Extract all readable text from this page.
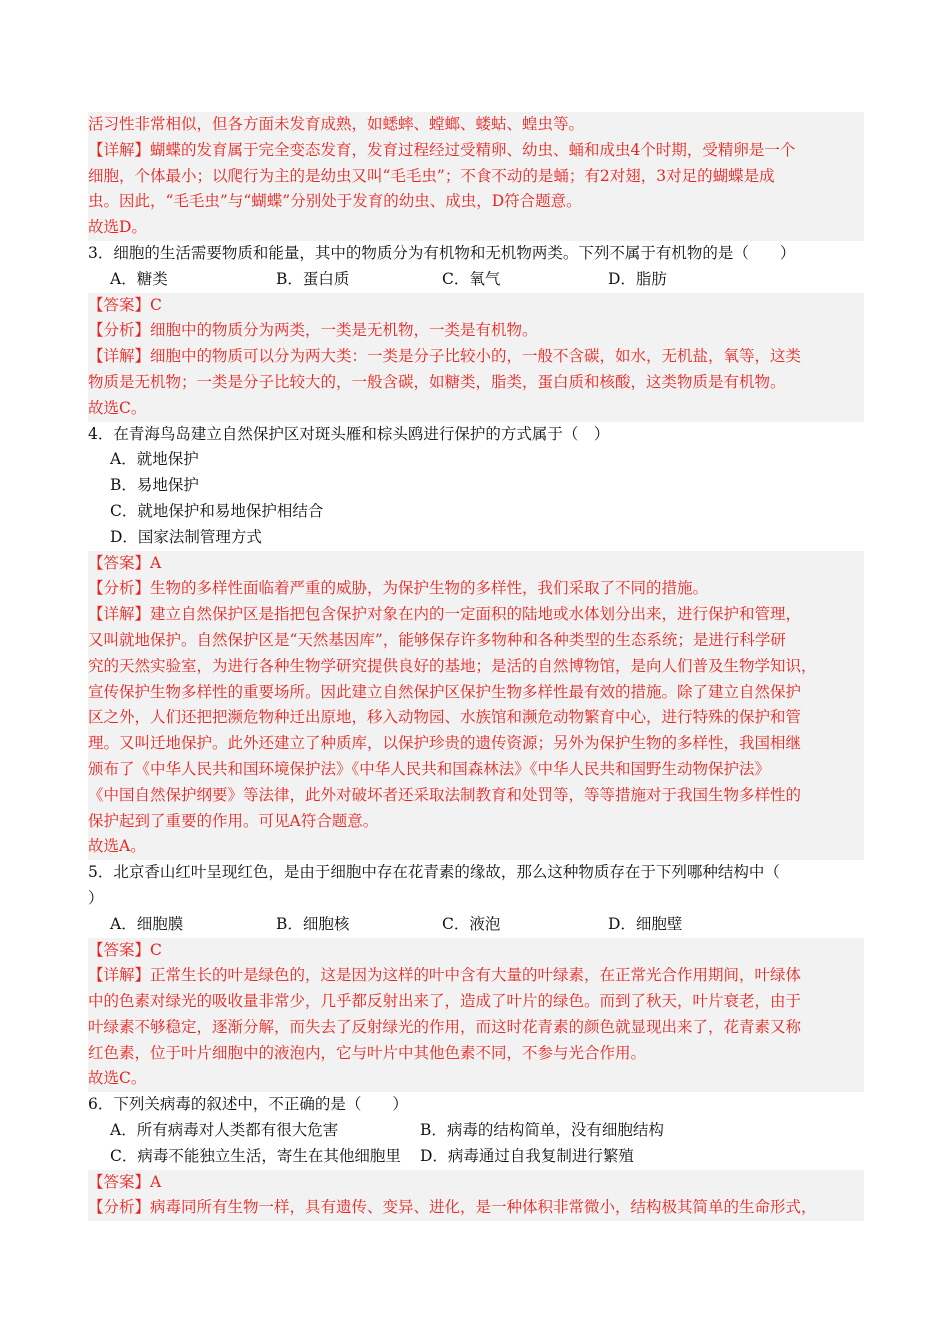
活习性非常相似，但各方面未发育成熟，如蟋蟀、螳螂、蝼蛄、蝗虫等。
【详解】蝴蝶的发育属于完全变态发育，发育过程经过受精卵、幼虫、蛹和成虫4个时期，受精卵是一个
细胞，个体最小；以爬行为主的是幼虫又叫“毛毛虫”；不食不动的是蛹；有2对翅，3对足的蝴蝶是成
虫。因此，“毛毛虫”与“蝴蝶”分别处于发育的幼虫、成虫，D符合题意。
故选D。
3．细胞的生活需要物质和能量，其中的物质分为有机物和无机物两类。下列不属于有机物的是（　　）
A．糖类	B．蛋白质	C．氧气	D．脂肪
【答案】C
【分析】细胞中的物质分为两类，一类是无机物，一类是有机物。
【详解】细胞中的物质可以分为两大类：一类是分子比较小的，一般不含碳，如水，无机盐，氧等，这类
物质是无机物；一类是分子比较大的，一般含碳，如糖类，脂类，蛋白质和核酸，这类物质是有机物。
故选C。
4．在青海鸟岛建立自然保护区对斑头雁和棕头鸥进行保护的方式属于（　）
A．就地保护
B．易地保护
C．就地保护和易地保护相结合
D．国家法制管理方式
【答案】A
【分析】生物的多样性面临着严重的威胁，为保护生物的多样性，我们采取了不同的措施。
【详解】建立自然保护区是指把包含保护对象在内的一定面积的陆地或水体划分出来，进行保护和管理，
又叫就地保护。自然保护区是“天然基因库”，能够保存许多物种和各种类型的生态系统；是进行科学研
究的天然实验室，为进行各种生物学研究提供良好的基地；是活的自然博物馆，是向人们普及生物学知识，
宣传保护生物多样性的重要场所。因此建立自然保护区保护生物多样性最有效的措施。除了建立自然保护
区之外，人们还把把濒危物种迁出原地，移入动物园、水族馆和濒危动物繁育中心，进行特殊的保护和管
理。又叫迁地保护。此外还建立了种质库，以保护珍贵的遗传资源；另外为保护生物的多样性，我国相继
颁布了《中华人民共和国环境保护法》《中华人民共和国森林法》《中华人民共和国野生动物保护法》
《中国自然保护纲要》等法律，此外对破坏者还采取法制教育和处罚等，等等措施对于我国生物多样性的
保护起到了重要的作用。可见A符合题意。
故选A。
5．北京香山红叶呈现红色，是由于细胞中存在花青素的缘故，那么这种物质存在于下列哪种结构中（
）
A．细胞膜	B．细胞核	C．液泡	D．细胞壁
【答案】C
【详解】正常生长的叶是绿色的，这是因为这样的叶中含有大量的叶绿素，在正常光合作用期间，叶绿体
中的色素对绿光的吸收量非常少，几乎都反射出来了，造成了叶片的绿色。而到了秋天，叶片衰老，由于
叶绿素不够稳定，逐渐分解，而失去了反射绿光的作用，而这时花青素的颜色就显现出来了，花青素又称
红色素，位于叶片细胞中的液泡内，它与叶片中其他色素不同，不参与光合作用。
故选C。
6．下列关病毒的叙述中，不正确的是（　　）
A．所有病毒对人类都有很大危害	B．病毒的结构简单，没有细胞结构
C．病毒不能独立生活，寄生在其他细胞里	D．病毒通过自我复制进行繁殖
【答案】A
【分析】病毒同所有生物一样，具有遗传、变异、进化，是一种体积非常微小，结构极其简单的生命形式，
